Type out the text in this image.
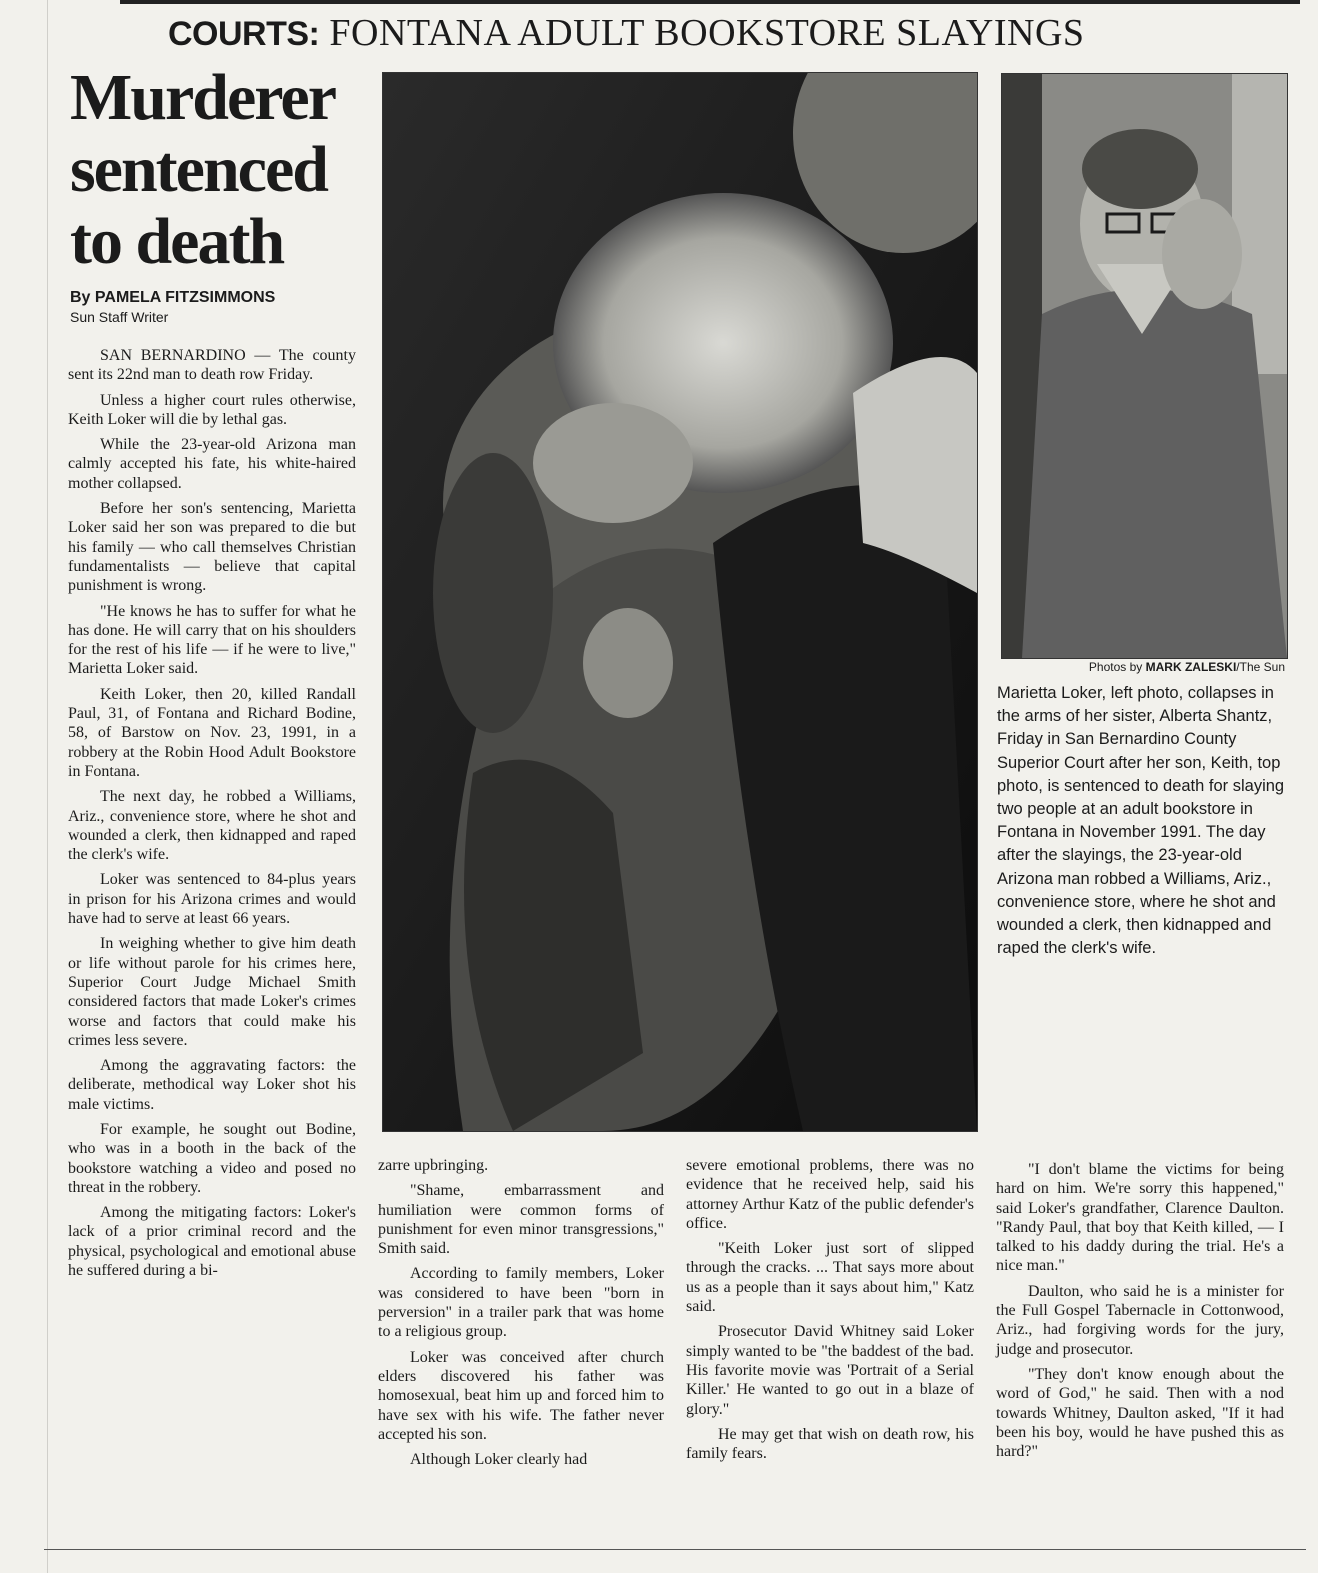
COURTS: FONTANA ADULT BOOKSTORE SLAYINGS
Murderer
sentenced
to death
By PAMELA FITZSIMMONS
Sun Staff Writer

SAN BERNARDINO — The county sent its 22nd man to death row Friday.

Unless a higher court rules otherwise, Keith Loker will die by lethal gas.

While the 23-year-old Arizona man calmly accepted his fate, his white-haired mother collapsed.

Before her son's sentencing, Marietta Loker said her son was prepared to die but his family — who call themselves Christian fundamentalists — believe that capital punishment is wrong.

"He knows he has to suffer for what he has done. He will carry that on his shoulders for the rest of his life — if he were to live," Marietta Loker said.

Keith Loker, then 20, killed Randall Paul, 31, of Fontana and Richard Bodine, 58, of Barstow on Nov. 23, 1991, in a robbery at the Robin Hood Adult Bookstore in Fontana.

The next day, he robbed a Williams, Ariz., convenience store, where he shot and wounded a clerk, then kidnapped and raped the clerk's wife.

Loker was sentenced to 84-plus years in prison for his Arizona crimes and would have had to serve at least 66 years.

In weighing whether to give him death or life without parole for his crimes here, Superior Court Judge Michael Smith considered factors that made Loker's crimes worse and factors that could make his crimes less severe.

Among the aggravating factors: the deliberate, methodical way Loker shot his male victims.

For example, he sought out Bodine, who was in a booth in the back of the bookstore watching a video and posed no threat in the robbery.

Among the mitigating factors: Loker's lack of a prior criminal record and the physical, psychological and emotional abuse he suffered during a bi-

Photos by MARK ZALESKI/The Sun
Marietta Loker, left photo, collapses in the arms of her sister, Alberta Shantz, Friday in San Bernardino County Superior Court after her son, Keith, top photo, is sentenced to death for slaying two people at an adult bookstore in Fontana in November 1991. The day after the slayings, the 23-year-old Arizona man robbed a Williams, Ariz., convenience store, where he shot and wounded a clerk, then kidnapped and raped the clerk's wife.

zarre upbringing.

"Shame, embarrassment and humiliation were common forms of punishment for even minor transgressions," Smith said.

According to family members, Loker was considered to have been "born in perversion" in a trailer park that was home to a religious group.

Loker was conceived after church elders discovered his father was homosexual, beat him up and forced him to have sex with his wife. The father never accepted his son.

Although Loker clearly had

severe emotional problems, there was no evidence that he received help, said his attorney Arthur Katz of the public defender's office.

"Keith Loker just sort of slipped through the cracks. ... That says more about us as a people than it says about him," Katz said.

Prosecutor David Whitney said Loker simply wanted to be "the baddest of the bad. His favorite movie was 'Portrait of a Serial Killer.' He wanted to go out in a blaze of glory."

He may get that wish on death row, his family fears.

"I don't blame the victims for being hard on him. We're sorry this happened," said Loker's grandfather, Clarence Daulton. "Randy Paul, that boy that Keith killed, — I talked to his daddy during the trial. He's a nice man."

Daulton, who said he is a minister for the Full Gospel Tabernacle in Cottonwood, Ariz., had forgiving words for the jury, judge and prosecutor.

"They don't know enough about the word of God," he said. Then with a nod towards Whitney, Daulton asked, "If it had been his boy, would he have pushed this as hard?"
